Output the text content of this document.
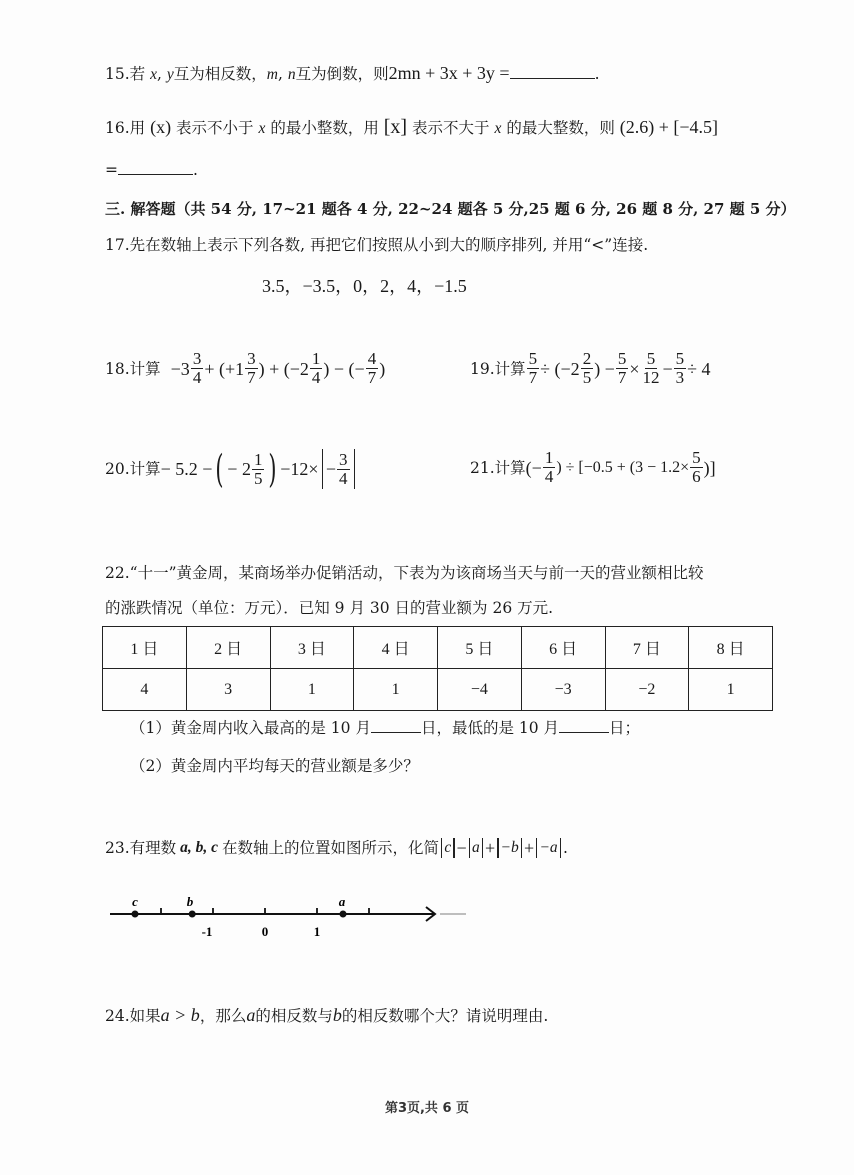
15.若 x, y互为相反数，m, n互为倒数，则2mn + 3x + 3y =	.
16.用 (x) 表示不小于 x 的最小整数，用 [x] 表示不大于 x 的最大整数，则 (2.6) + [−4.5]
=	.
三. 解答题（共 54 分, 17~21 题各 4 分, 22~24 题各 5 分,25 题 6 分, 26 题 8 分, 27 题 5 分）
17.先在数轴上表示下列各数, 再把它们按照从小到大的顺序排列, 并用“<”连接.
3.5，−3.5，0，2，4，−1.5
18.计算 $-3 \frac{3}{4} + (+1 \frac{3}{7}$ ) + ($-2 \frac{1}{4}$ ) − (− $\frac{4}{7}$ )	19.计算 $\frac{5}{7} \div (-2 \frac{2}{5}$ ) − $\frac{5}{7} \times \frac{5}{12} - \frac{5}{3} \div 4$
20.计算 − 5.2 − ( − $2 \frac{1}{5}$ ) $-12\times - \frac{3}{4}$	21.计算 (− $\frac{1}{4}$ ) ÷ [$-0.5 + (3 - 1.2\times \frac{5}{6}$ )]
22.“十一”黄金周，某商场举办促销活动，下表为为该商场当天与前一天的营业额相比较
的涨跌情况（单位：万元）．已知 9 月 30 日的营业额为 26 万元.
1 日	2 日	3 日	4 日	5 日	6 日	7 日	8 日
4	3	1	1	−4	−3	−2	1
（1）黄金周内收入最高的是 10 月	日，最低的是 10 月	日；
（2）黄金周内平均每天的营业额是多少？
23.有理数 a, b, c 在数轴上的位置如图所示，化简 c − a + −b + −a .
-1	0	1
c	b	a
24.如果a > b，那么a的相反数与b的相反数哪个大？请说明理由.
第3页,共 6 页
